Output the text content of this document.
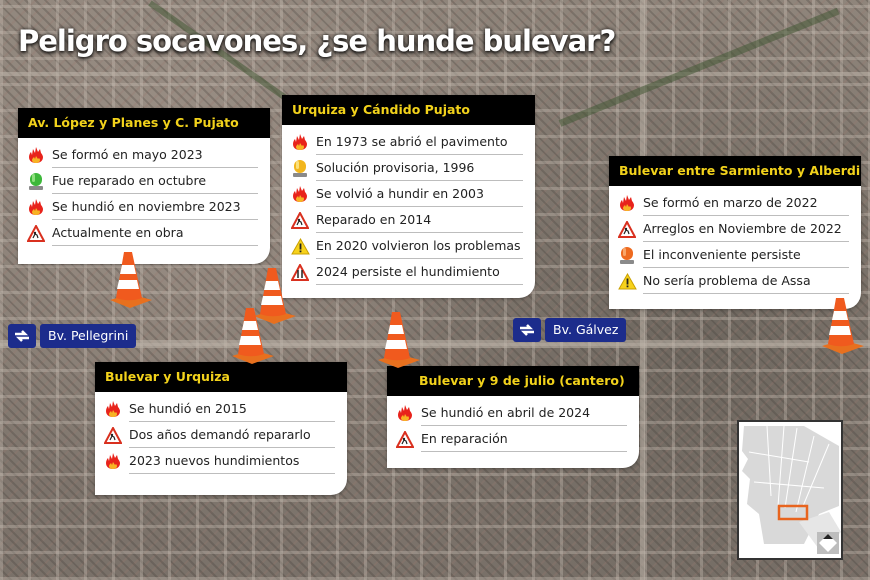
Peligro socavones, ¿se hunde bulevar?
Av. López y Planes y C. Pujato
Se formó en mayo 2023
Fue reparado en octubre
Se hundió en noviembre 2023
Actualmente en obra
Urquiza y Cándido Pujato
En 1973 se abrió el pavimento
Solución provisoria, 1996
Se volvió a hundir en 2003
Reparado en 2014
En 2020 volvieron los problemas
2024 persiste el hundimiento
Bulevar entre Sarmiento y Alberdi
Se formó en marzo de 2022
Arreglos en Noviembre de 2022
El inconveniente persiste
No sería problema de Assa
Bulevar y Urquiza
Se hundió en 2015
Dos años demandó repararlo
2023 nuevos hundimientos
Bulevar y 9 de julio (cantero)
Se hundió en abril de 2024
En reparación
Bv. Pellegrini	Bv. Gálvez
